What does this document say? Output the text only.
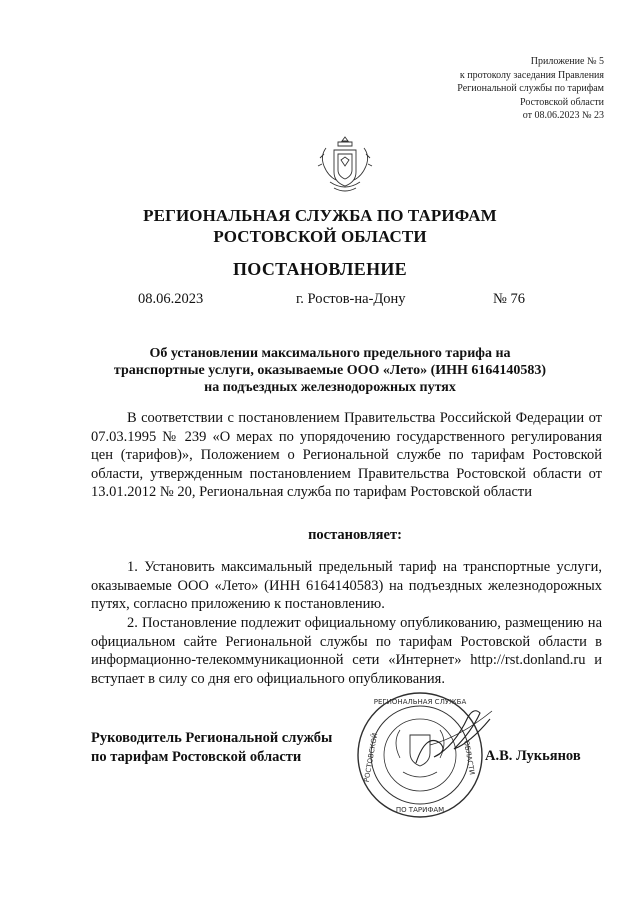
Приложение № 5
к протоколу заседания Правления
Региональной службы по тарифам
Ростовской области
от 08.06.2023 № 23
РЕГИОНАЛЬНАЯ СЛУЖБА ПО ТАРИФАМ
РОСТОВСКОЙ ОБЛАСТИ
ПОСТАНОВЛЕНИЕ
08.06.2023	г. Ростов-на-Дону	№ 76
Об установлении максимального предельного тарифа на
транспортные услуги, оказываемые ООО «Лето» (ИНН 6164140583)
на подъездных железнодорожных путях
В соответствии с постановлением Правительства Российской Федерации от 07.03.1995 № 239 «О мерах по упорядочению государственного регулирования цен (тарифов)», Положением о Региональной службе по тарифам Ростовской области, утвержденным постановлением Правительства Ростовской области от 13.01.2012 № 20, Региональная служба по тарифам Ростовской области
постановляет:
1. Установить максимальный предельный тариф на транспортные услуги, оказываемые ООО «Лето» (ИНН 6164140583) на подъездных железнодорожных путях, согласно приложению к постановлению.
2. Постановление подлежит официальному опубликованию, размещению на официальном сайте Региональной службы по тарифам Ростовской области в информационно-телекоммуникационной сети «Интернет» http://rst.donland.ru и вступает в силу со дня его официального опубликования.
РЕГИОНАЛЬНАЯ СЛУЖБА
ПО ТАРИФАМ
РОСТОВСКОЙ	ОБЛАСТИ
Руководитель Региональной службы
по тарифам Ростовской области	А.В. Лукьянов
